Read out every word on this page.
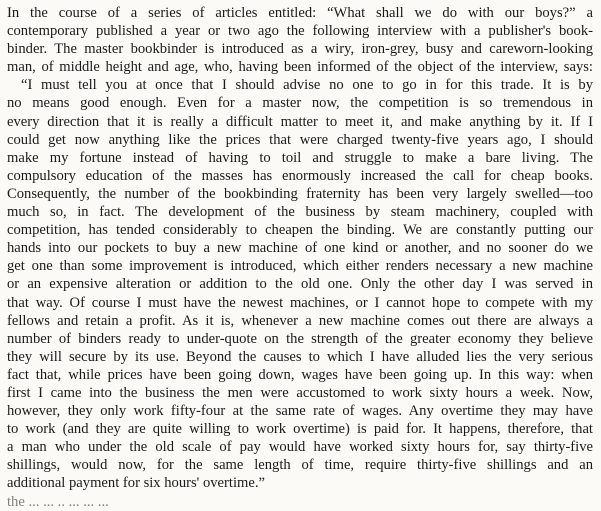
In the course of a series of articles entitled: “What shall we do with our boys?” a
contemporary published a year or two ago the following interview with a publisher's book-
binder. The master bookbinder is introduced as a wiry, iron-grey, busy and careworn-looking
man, of middle height and age, who, having been informed of the object of the interview, says:
“I must tell you at once that I should advise no one to go in for this trade. It is by
no means good enough. Even for a master now, the competition is so tremendous in
every direction that it is really a difficult matter to meet it, and make anything by it. If I
could get now anything like the prices that were charged twenty-five years ago, I should
make my fortune instead of having to toil and struggle to make a bare living. The
compulsory education of the masses has enormously increased the call for cheap books.
Consequently, the number of the bookbinding fraternity has been very largely swelled—too
much so, in fact. The development of the business by steam machinery, coupled with
competition, has tended considerably to cheapen the binding. We are constantly putting our
hands into our pockets to buy a new machine of one kind or another, and no sooner do we
get one than some improvement is introduced, which either renders necessary a new machine
or an expensive alteration or addition to the old one. Only the other day I was served in
that way. Of course I must have the newest machines, or I cannot hope to compete with my
fellows and retain a profit. As it is, whenever a new machine comes out there are always a
number of binders ready to under-quote on the strength of the greater economy they believe
they will secure by its use. Beyond the causes to which I have alluded lies the very serious
fact that, while prices have been going down, wages have been going up. In this way: when
first I came into the business the men were accustomed to work sixty hours a week. Now,
however, they only work fifty-four at the same rate of wages. Any overtime they may have
to work (and they are quite willing to work overtime) is paid for. It happens, therefore, that
a man who under the old scale of pay would have worked sixty hours for, say thirty-five
shillings, would now, for the same length of time, require thirty-five shillings and an
additional payment for six hours' overtime.”
the ... ... .. ... ... ...
